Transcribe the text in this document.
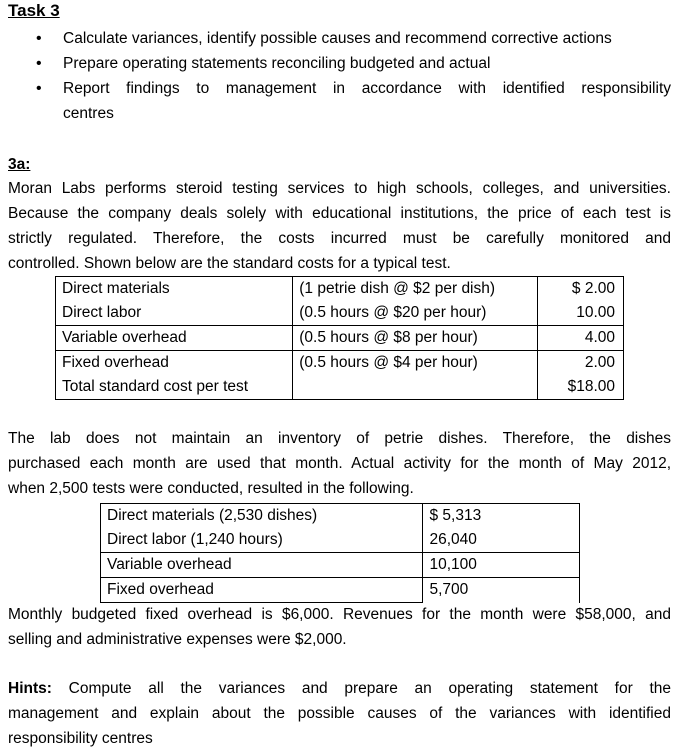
Task 3
• Calculate variances, identify possible causes and recommend corrective actions
• Prepare operating statements reconciling budgeted and actual
• Report findings to management in accordance with identified responsibility
centres
3a:
Moran Labs performs steroid testing services to high schools, colleges, and universities.
Because the company deals solely with educational institutions, the price of each test is
strictly regulated. Therefore, the costs incurred must be carefully monitored and
controlled. Shown below are the standard costs for a typical test.
Direct materials	(1 petrie dish @ $2 per dish)	$ 2.00
Direct labor	(0.5 hours @ $20 per hour)	10.00
Variable overhead	(0.5 hours @ $8 per hour)	4.00
Fixed overhead	(0.5 hours @ $4 per hour)	2.00
Total standard cost per test		$18.00
The lab does not maintain an inventory of petrie dishes. Therefore, the dishes
purchased each month are used that month. Actual activity for the month of May 2012,
when 2,500 tests were conducted, resulted in the following.
Direct materials (2,530 dishes)	$ 5,313
Direct labor (1,240 hours)	26,040
Variable overhead	10,100
Fixed overhead	5,700
Monthly budgeted fixed overhead is $6,000. Revenues for the month were $58,000, and
selling and administrative expenses were $2,000.
Hints: Compute all the variances and prepare an operating statement for the
management and explain about the possible causes of the variances with identified
responsibility centres
